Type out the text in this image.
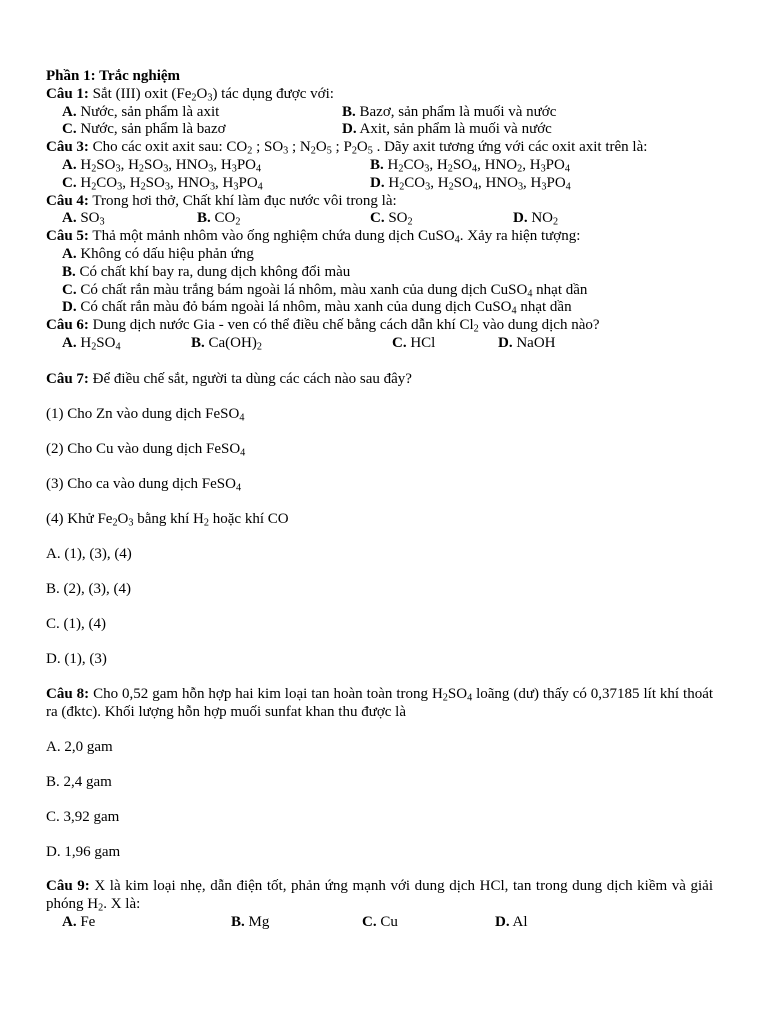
Phần 1: Trắc nghiệm
Câu 1: Sắt (III) oxit $(Fe_2O_3)$ tác dụng được với:
A. Nước, sản phẩm là axit	B. Bazơ, sản phẩm là muối và nước
C. Nước, sản phẩm là bazơ	D. Axit, sản phẩm là muối và nước
Câu 3: Cho các oxit axit sau: $CO_2$ ; $SO_3$ ; $N_2O_5$ ; $P_2O_5$ . Dãy axit tương ứng với các oxit axit trên là:
A. $H_2SO_3$, $H_2SO_3$, $HNO_3$, $H_3PO_4$	B. $H_2CO_3$, $H_2SO_4$, $HNO_2$, $H_3PO_4$
C. $H_2CO_3$, $H_2SO_3$, $HNO_3$, $H_3PO_4$	D. $H_2CO_3$, $H_2SO_4$, $HNO_3$, $H_3PO_4$
Câu 4: Trong hơi thở, Chất khí làm đục nước vôi trong là:
A. $SO_3$	B. $CO_2$	C. $SO_2$	D. $NO_2$
Câu 5: Thả một mảnh nhôm vào ống nghiệm chứa dung dịch CuSO$_4$. Xảy ra hiện tượng:
A. Không có dấu hiệu phản ứng
B. Có chất khí bay ra, dung dịch không đổi màu
C. Có chất rắn màu trắng bám ngoài lá nhôm, màu xanh của dung dịch CuSO$_4$ nhạt dần
D. Có chất rắn màu đỏ bám ngoài lá nhôm, màu xanh của dung dịch CuSO$_4$ nhạt dần
Câu 6: Dung dịch nước Gia - ven có thể điều chế bằng cách dẫn khí $Cl_2$ vào dung dịch nào?
A. $H_2SO_4$	B. $Ca(OH)_2$	C. HCl	D. NaOH
Câu 7: Để điều chế sắt, người ta dùng các cách nào sau đây?
(1) Cho Zn vào dung dịch FeSO$_4$
(2) Cho Cu vào dung dịch FeSO$_4$
(3) Cho ca vào dung dịch FeSO$_4$
(4) Khử $Fe_2O_3$ bằng khí $H_2$ hoặc khí CO
A. (1), (3), (4)
B. (2), (3), (4)
C. (1), (4)
D. (1), (3)
Câu 8: Cho 0,52 gam hỗn hợp hai kim loại tan hoàn toàn trong $H_2SO_4$ loãng (dư) thấy có 0,37185 lít khí thoát ra (đktc). Khối lượng hỗn hợp muối sunfat khan thu được là
A. 2,0 gam
B. 2,4 gam
C. 3,92 gam
D. 1,96 gam
Câu 9: X là kim loại nhẹ, dẫn điện tốt, phản ứng mạnh với dung dịch HCl, tan trong dung dịch kiềm và giải phóng $H_2$. X là:
A. Fe	B. Mg	C. Cu	D. Al
